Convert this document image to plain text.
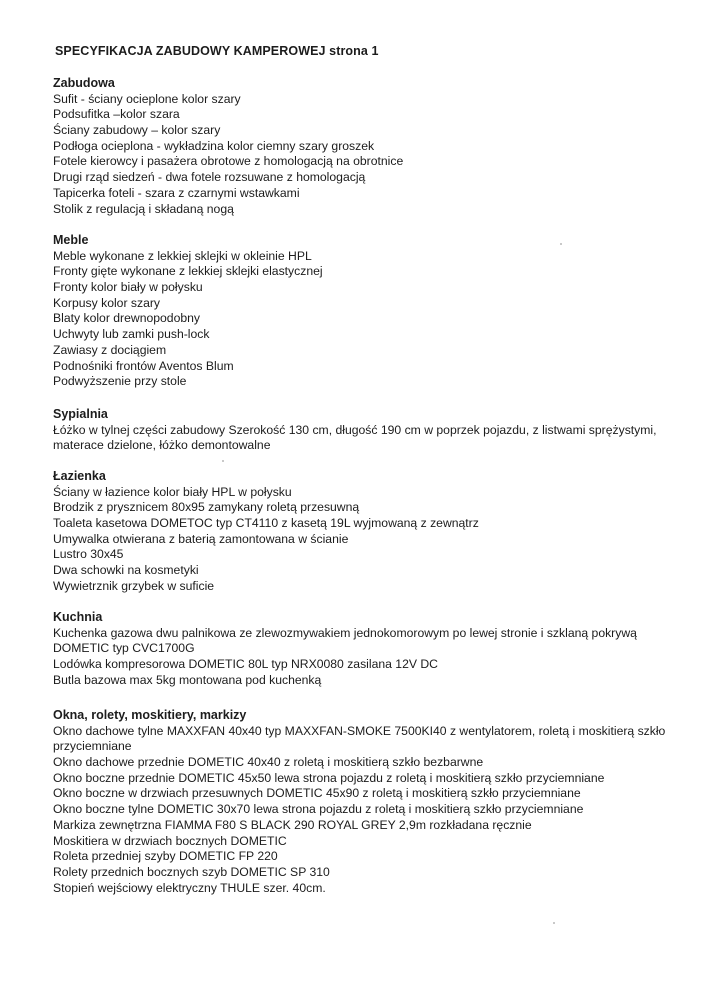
SPECYFIKACJA ZABUDOWY KAMPEROWEJ strona 1
Zabudowa
Sufit - ściany ocieplone kolor szary
Podsufitka –kolor szara
Ściany zabudowy – kolor szary
Podłoga ocieplona - wykładzina kolor ciemny szary groszek
Fotele kierowcy i pasażera obrotowe z homologacją na obrotnice
Drugi rząd siedzeń - dwa fotele rozsuwane z homologacją
Tapicerka foteli - szara z czarnymi wstawkami
Stolik z regulacją i składaną nogą
Meble
Meble wykonane z lekkiej sklejki w okleinie HPL
Fronty gięte wykonane z lekkiej sklejki elastycznej
Fronty kolor biały w połysku
Korpusy kolor szary
Blaty kolor drewnopodobny
Uchwyty lub zamki push-lock
Zawiasy z dociągiem
Podnośniki frontów Aventos Blum
Podwyższenie przy stole
Sypialnia
Łóżko w tylnej części zabudowy Szerokość 130 cm, długość 190 cm w poprzek pojazdu, z listwami sprężystymi,
materace dzielone, łóżko demontowalne
Łazienka
Ściany w łazience kolor biały HPL w połysku
Brodzik z prysznicem 80x95 zamykany roletą przesuwną
Toaleta kasetowa DOMETOC typ CT4110 z kasetą 19L wyjmowaną z zewnątrz
Umywalka otwierana z baterią zamontowana w ścianie
Lustro 30x45
Dwa schowki na kosmetyki
Wywietrznik grzybek w suficie
Kuchnia
Kuchenka gazowa dwu palnikowa ze zlewozmywakiem jednokomorowym po lewej stronie i szklaną pokrywą
DOMETIC typ CVC1700G
Lodówka kompresorowa DOMETIC 80L typ NRX0080 zasilana 12V DC
Butla bazowa max 5kg montowana pod kuchenką
Okna, rolety, moskitiery, markizy
Okno dachowe tylne MAXXFAN 40x40 typ MAXXFAN-SMOKE 7500KI40 z wentylatorem, roletą i moskitierą szkło
przyciemniane
Okno dachowe przednie DOMETIC 40x40 z roletą i moskitierą szkło bezbarwne
Okno boczne przednie DOMETIC 45x50 lewa strona pojazdu z roletą i moskitierą szkło przyciemniane
Okno boczne w drzwiach przesuwnych DOMETIC 45x90 z roletą i moskitierą szkło przyciemniane
Okno boczne tylne DOMETIC 30x70 lewa strona pojazdu z roletą i moskitierą szkło przyciemniane
Markiza zewnętrzna FIAMMA F80 S BLACK 290 ROYAL GREY 2,9m rozkładana ręcznie
Moskitiera w drzwiach bocznych DOMETIC
Roleta przedniej szyby DOMETIC FP 220
Rolety przednich bocznych szyb DOMETIC SP 310
Stopień wejściowy elektryczny THULE szer. 40cm.
